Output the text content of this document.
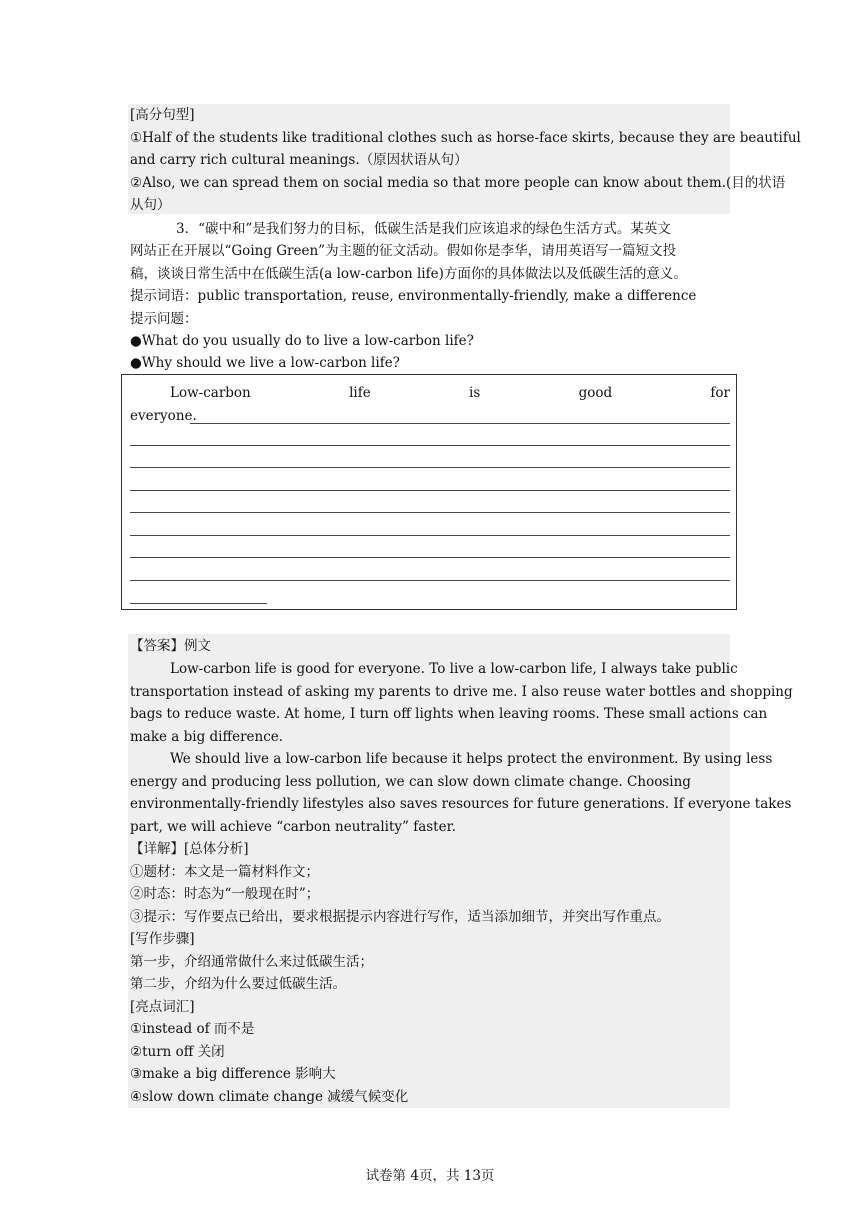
[高分句型]
①Half of the students like traditional clothes such as horse-face skirts, because they are beautiful
and carry rich cultural meanings.（原因状语从句）
②Also, we can spread them on social media so that more people can know about them.(目的状语
从句）
3．“碳中和”是我们努力的目标，低碳生活是我们应该追求的绿色生活方式。某英文
网站正在开展以“Going Green”为主题的征文活动。假如你是李华，请用英语写一篇短文投
稿，谈谈日常生活中在低碳生活(a low-carbon life)方面你的具体做法以及低碳生活的意义。
提示词语：public transportation, reuse, environmentally-friendly, make a difference
提示问题：
●What do you usually do to live a low-carbon life?
●Why should we live a low-carbon life?
Low-carbon	life	is	good	for
everyone.
【答案】例文
Low-carbon life is good for everyone. To live a low-carbon life, I always take public
transportation instead of asking my parents to drive me. I also reuse water bottles and shopping
bags to reduce waste. At home, I turn off lights when leaving rooms. These small actions can
make a big difference.
We should live a low-carbon life because it helps protect the environment. By using less
energy and producing less pollution, we can slow down climate change. Choosing
environmentally-friendly lifestyles also saves resources for future generations. If everyone takes
part, we will achieve “carbon neutrality” faster.
【详解】[总体分析]
①题材：本文是一篇材料作文；
②时态：时态为“一般现在时”；
③提示：写作要点已给出，要求根据提示内容进行写作，适当添加细节，并突出写作重点。
[写作步骤]
第一步，介绍通常做什么来过低碳生活；
第二步，介绍为什么要过低碳生活。
[亮点词汇]
①instead of 而不是
②turn off 关闭
③make a big difference 影响大
④slow down climate change 减缓气候变化
试卷第 4页，共 13页
